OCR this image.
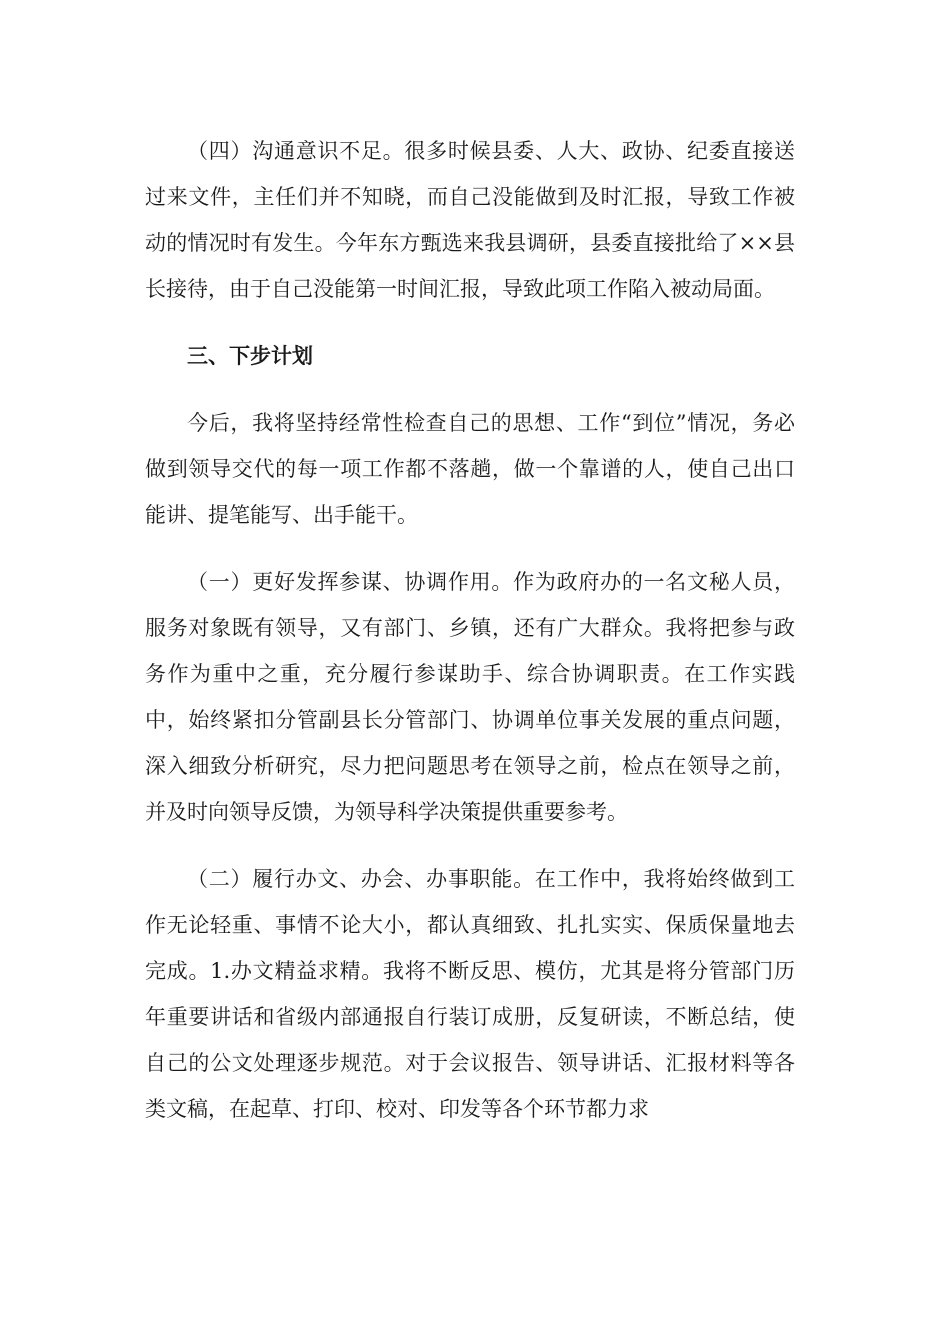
（四）沟通意识不足。很多时候县委、人大、政协、纪委直接送过来文件，主任们并不知晓，而自己没能做到及时汇报，导致工作被动的情况时有发生。今年东方甄选来我县调研，县委直接批给了××县长接待，由于自己没能第一时间汇报，导致此项工作陷入被动局面。

三、下步计划

今后，我将坚持经常性检查自己的思想、工作“到位”情况，务必做到领导交代的每一项工作都不落趟，做一个靠谱的人，使自己出口能讲、提笔能写、出手能干。

（一）更好发挥参谋、协调作用。作为政府办的一名文秘人员，服务对象既有领导，又有部门、乡镇，还有广大群众。我将把参与政务作为重中之重，充分履行参谋助手、综合协调职责。在工作实践中，始终紧扣分管副县长分管部门、协调单位事关发展的重点问题，深入细致分析研究，尽力把问题思考在领导之前，检点在领导之前，并及时向领导反馈，为领导科学决策提供重要参考。

（二）履行办文、办会、办事职能。在工作中，我将始终做到工作无论轻重、事情不论大小，都认真细致、扎扎实实、保质保量地去完成。1.办文精益求精。我将不断反思、模仿，尤其是将分管部门历年重要讲话和省级内部通报自行装订成册，反复研读，不断总结，使自己的公文处理逐步规范。对于会议报告、领导讲话、汇报材料等各类文稿，在起草、打印、校对、印发等各个环节都力求
